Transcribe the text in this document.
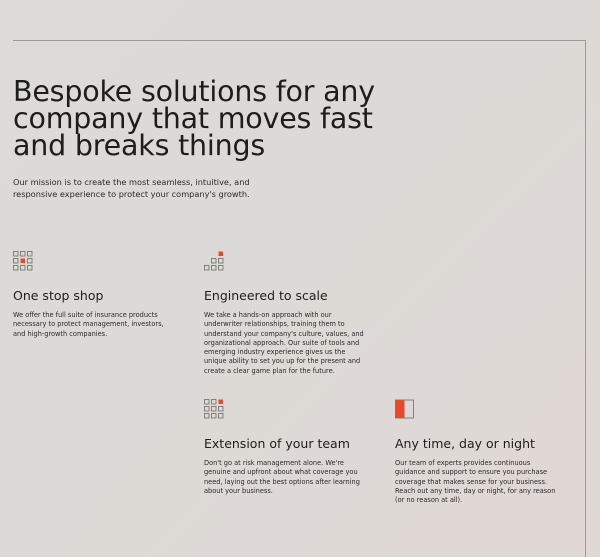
Bespoke solutions for any company that moves fast and breaks things

Our mission is to create the most seamless, intuitive, and responsive experience to protect your company's growth.

One stop shop

We offer the full suite of insurance products necessary to protect management, investors, and high-growth companies.

Engineered to scale

We take a hands-on approach with our underwriter relationships, training them to understand your company's culture, values, and organizational approach. Our suite of tools and emerging industry experience gives us the unique ability to set you up for the present and create a clear game plan for the future.

Extension of your team

Don't go at risk management alone. We're genuine and upfront about what coverage you need, laying out the best options after learning about your business.

Any time, day or night

Our team of experts provides continuous guidance and support to ensure you purchase coverage that makes sense for your business. Reach out any time, day or night, for any reason (or no reason at all).
